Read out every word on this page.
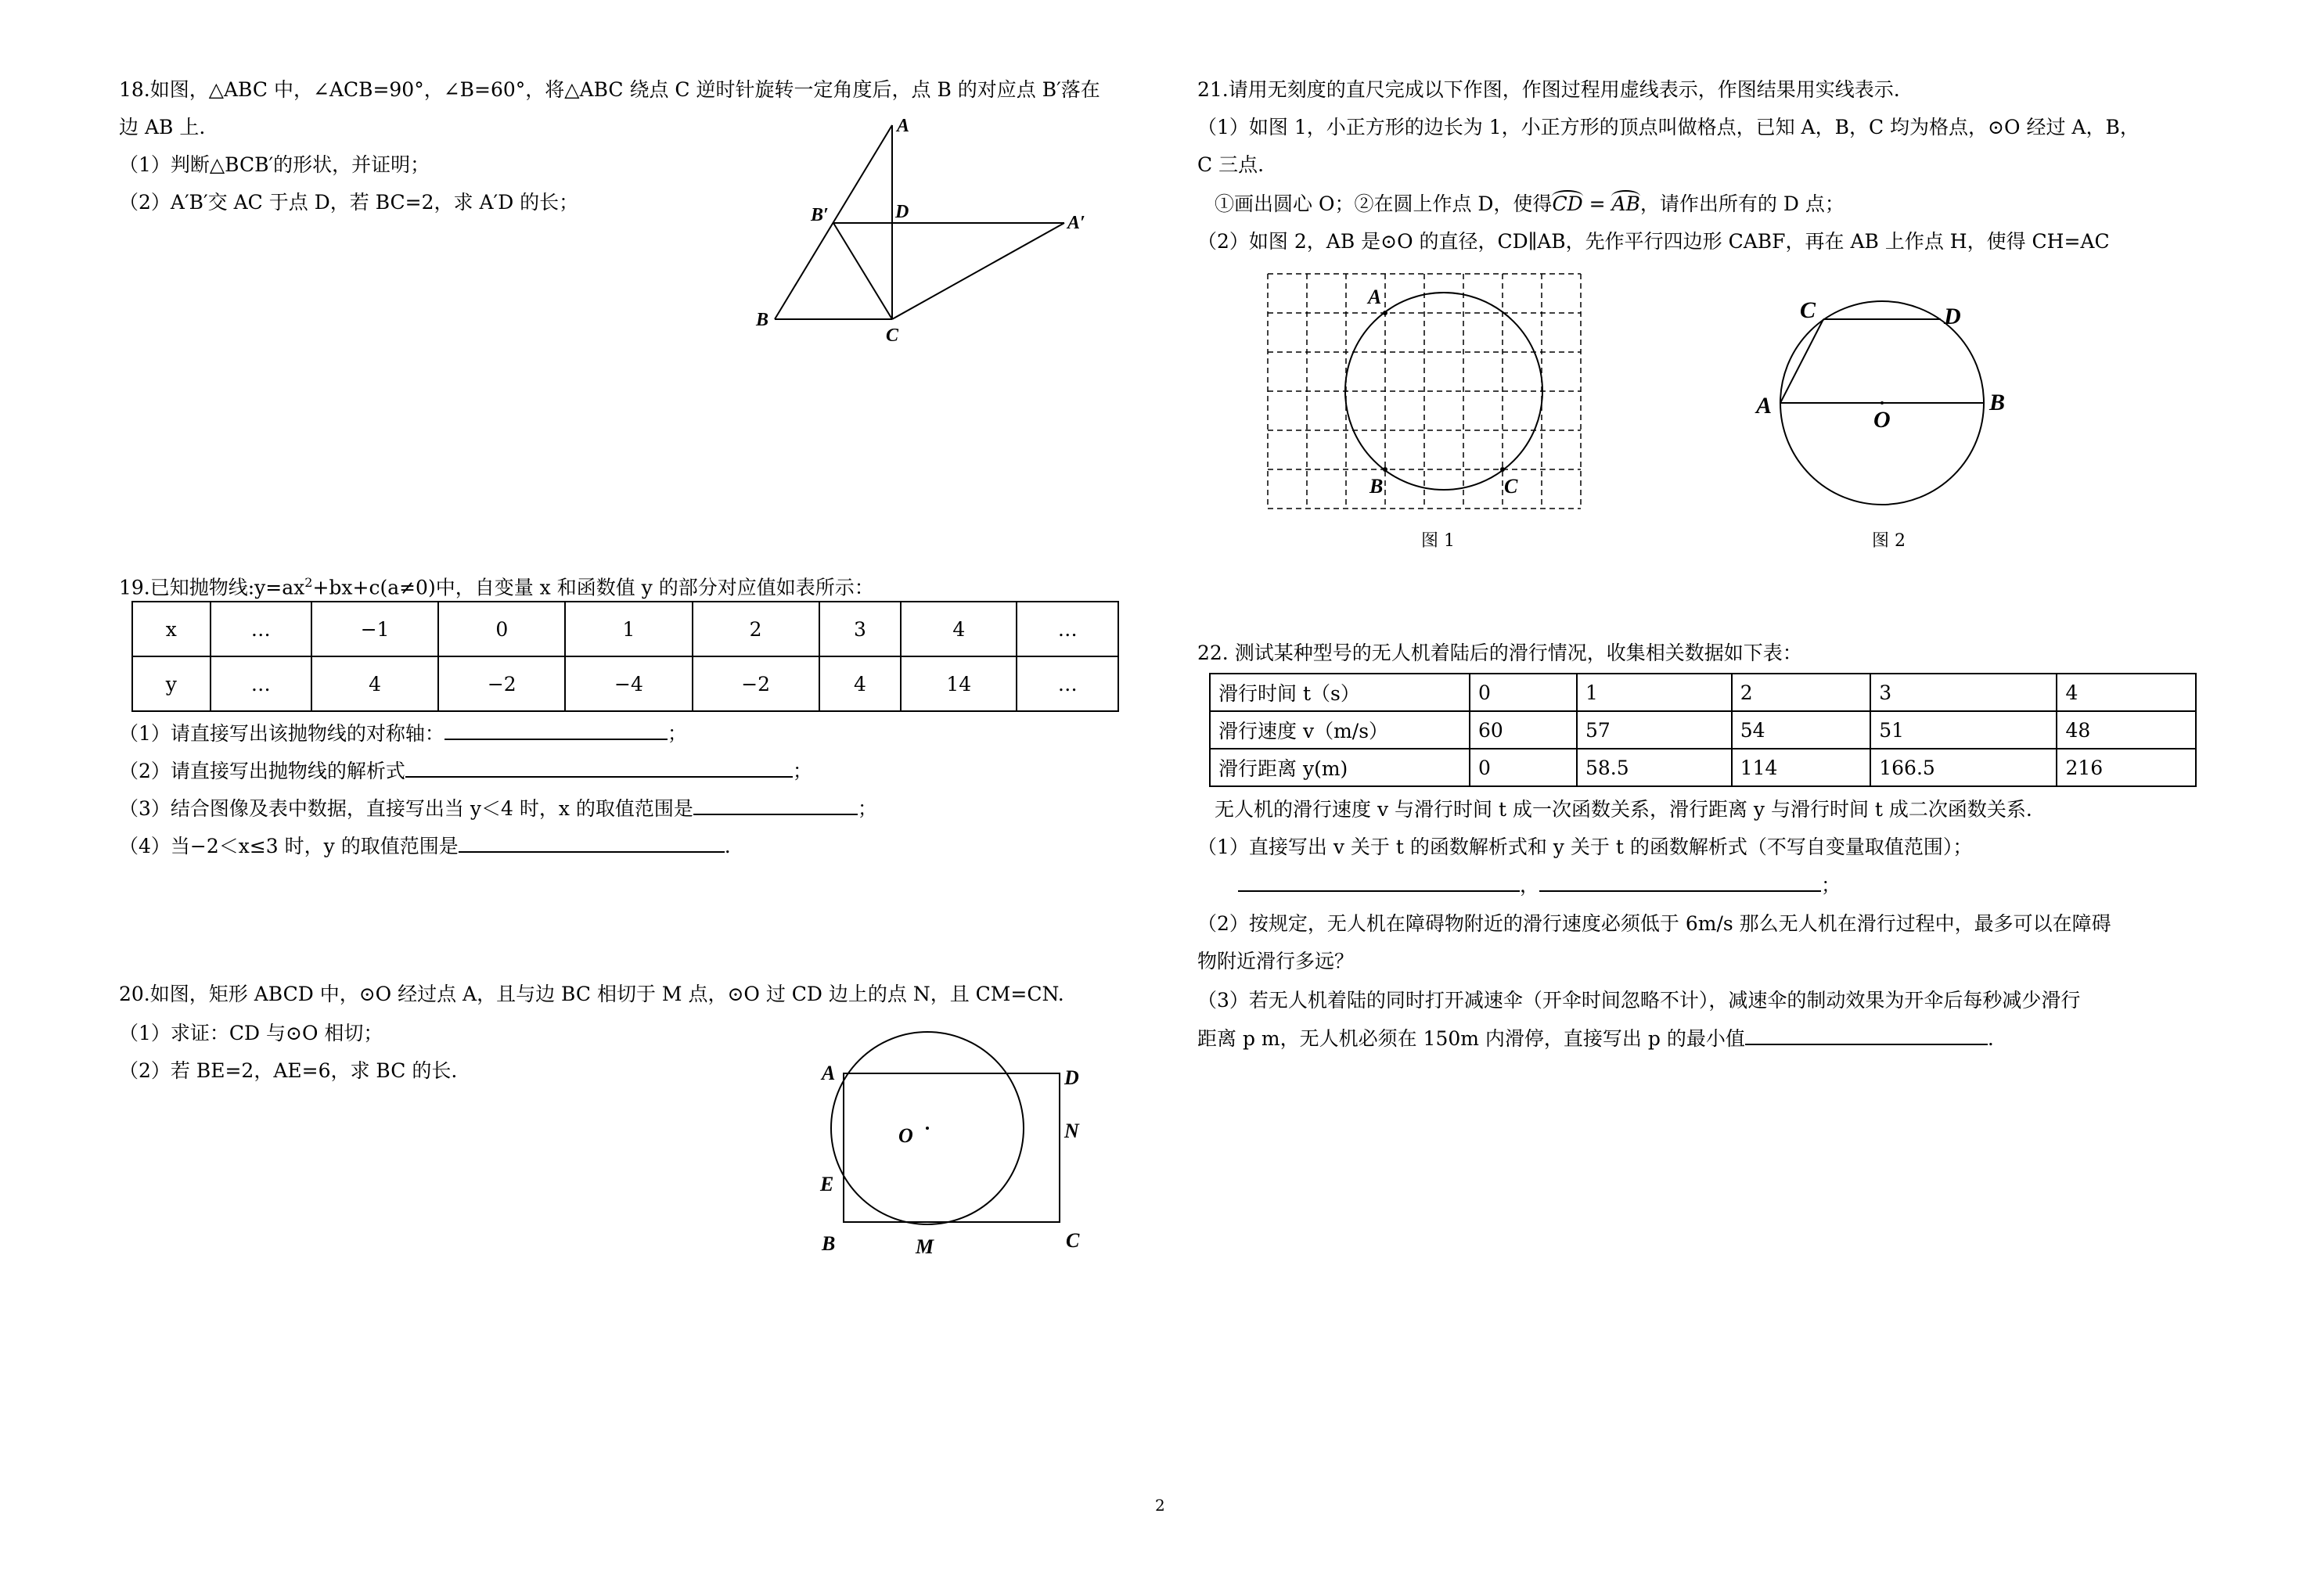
18.如图，△ABC 中，∠ACB=90°，∠B=60°，将△ABC 绕点 C 逆时针旋转一定角度后，点 B 的对应点 B′落在
边 AB 上.
（1）判断△BCB′的形状，并证明；
（2）A′B′交 AC 于点 D，若 BC=2，求 A′D 的长；
A
B
C
D
B′	A′
19.已知抛物线$:y=ax^2+bx+c(a\ne 0)$中，自变量 x 和函数值 y 的部分对应值如表所示：
x	…	−1	0	1	2	3	4	…
y	…	4	−2	−4	−2	4	14	…
（1）请直接写出该抛物线的对称轴：	；
（2）请直接写出抛物线的解析式	；
（3）结合图像及表中数据，直接写出当 y＜4 时，x 的取值范围是	；
（4）当−2＜x≤3 时，y 的取值范围是	.
20.如图，矩形 ABCD 中，⊙O 经过点 A，且与边 BC 相切于 M 点，⊙O 过 CD 边上的点 N，且 CM=CN.
（1）求证：CD 与⊙O 相切；
（2）若 BE=2，AE=6，求 BC 的长.	A	D
N
O
E
B	M	C
21.请用无刻度的直尺完成以下作图，作图过程用虚线表示，作图结果用实线表示.
（1）如图 1，小正方形的边长为 1，小正方形的顶点叫做格点，已知 A，B，C 均为格点，⊙O 经过 A，B，
C 三点.
①画出圆心 O；②在圆上作点 D，使得CD = AB，请作出所有的 D 点；
（2）如图 2，AB 是⊙O 的直径，CD∥AB，先作平行四边形 CABF，再在 AB 上作点 H，使得 CH=AC
A
B	C
图 1
C	D
A	B
O
图 2
22. 测试某种型号的无人机着陆后的滑行情况，收集相关数据如下表：
滑行时间 t（s）	0	1	2	3	4
滑行速度 v（m/s）	60	57	54	51	48
滑行距离 y(m)	0	58.5	114	166.5	216
无人机的滑行速度 v 与滑行时间 t 成一次函数关系，滑行距离 y 与滑行时间 t 成二次函数关系.
（1）直接写出 v 关于 t 的函数解析式和 y 关于 t 的函数解析式（不写自变量取值范围）；
，	；
（2）按规定，无人机在障碍物附近的滑行速度必须低于 6m/s 那么无人机在滑行过程中，最多可以在障碍
物附近滑行多远？
（3）若无人机着陆的同时打开减速伞（开伞时间忽略不计），减速伞的制动效果为开伞后每秒减少滑行
距离 p m，无人机必须在 150m 内滑停，直接写出 p 的最小值	.
2
